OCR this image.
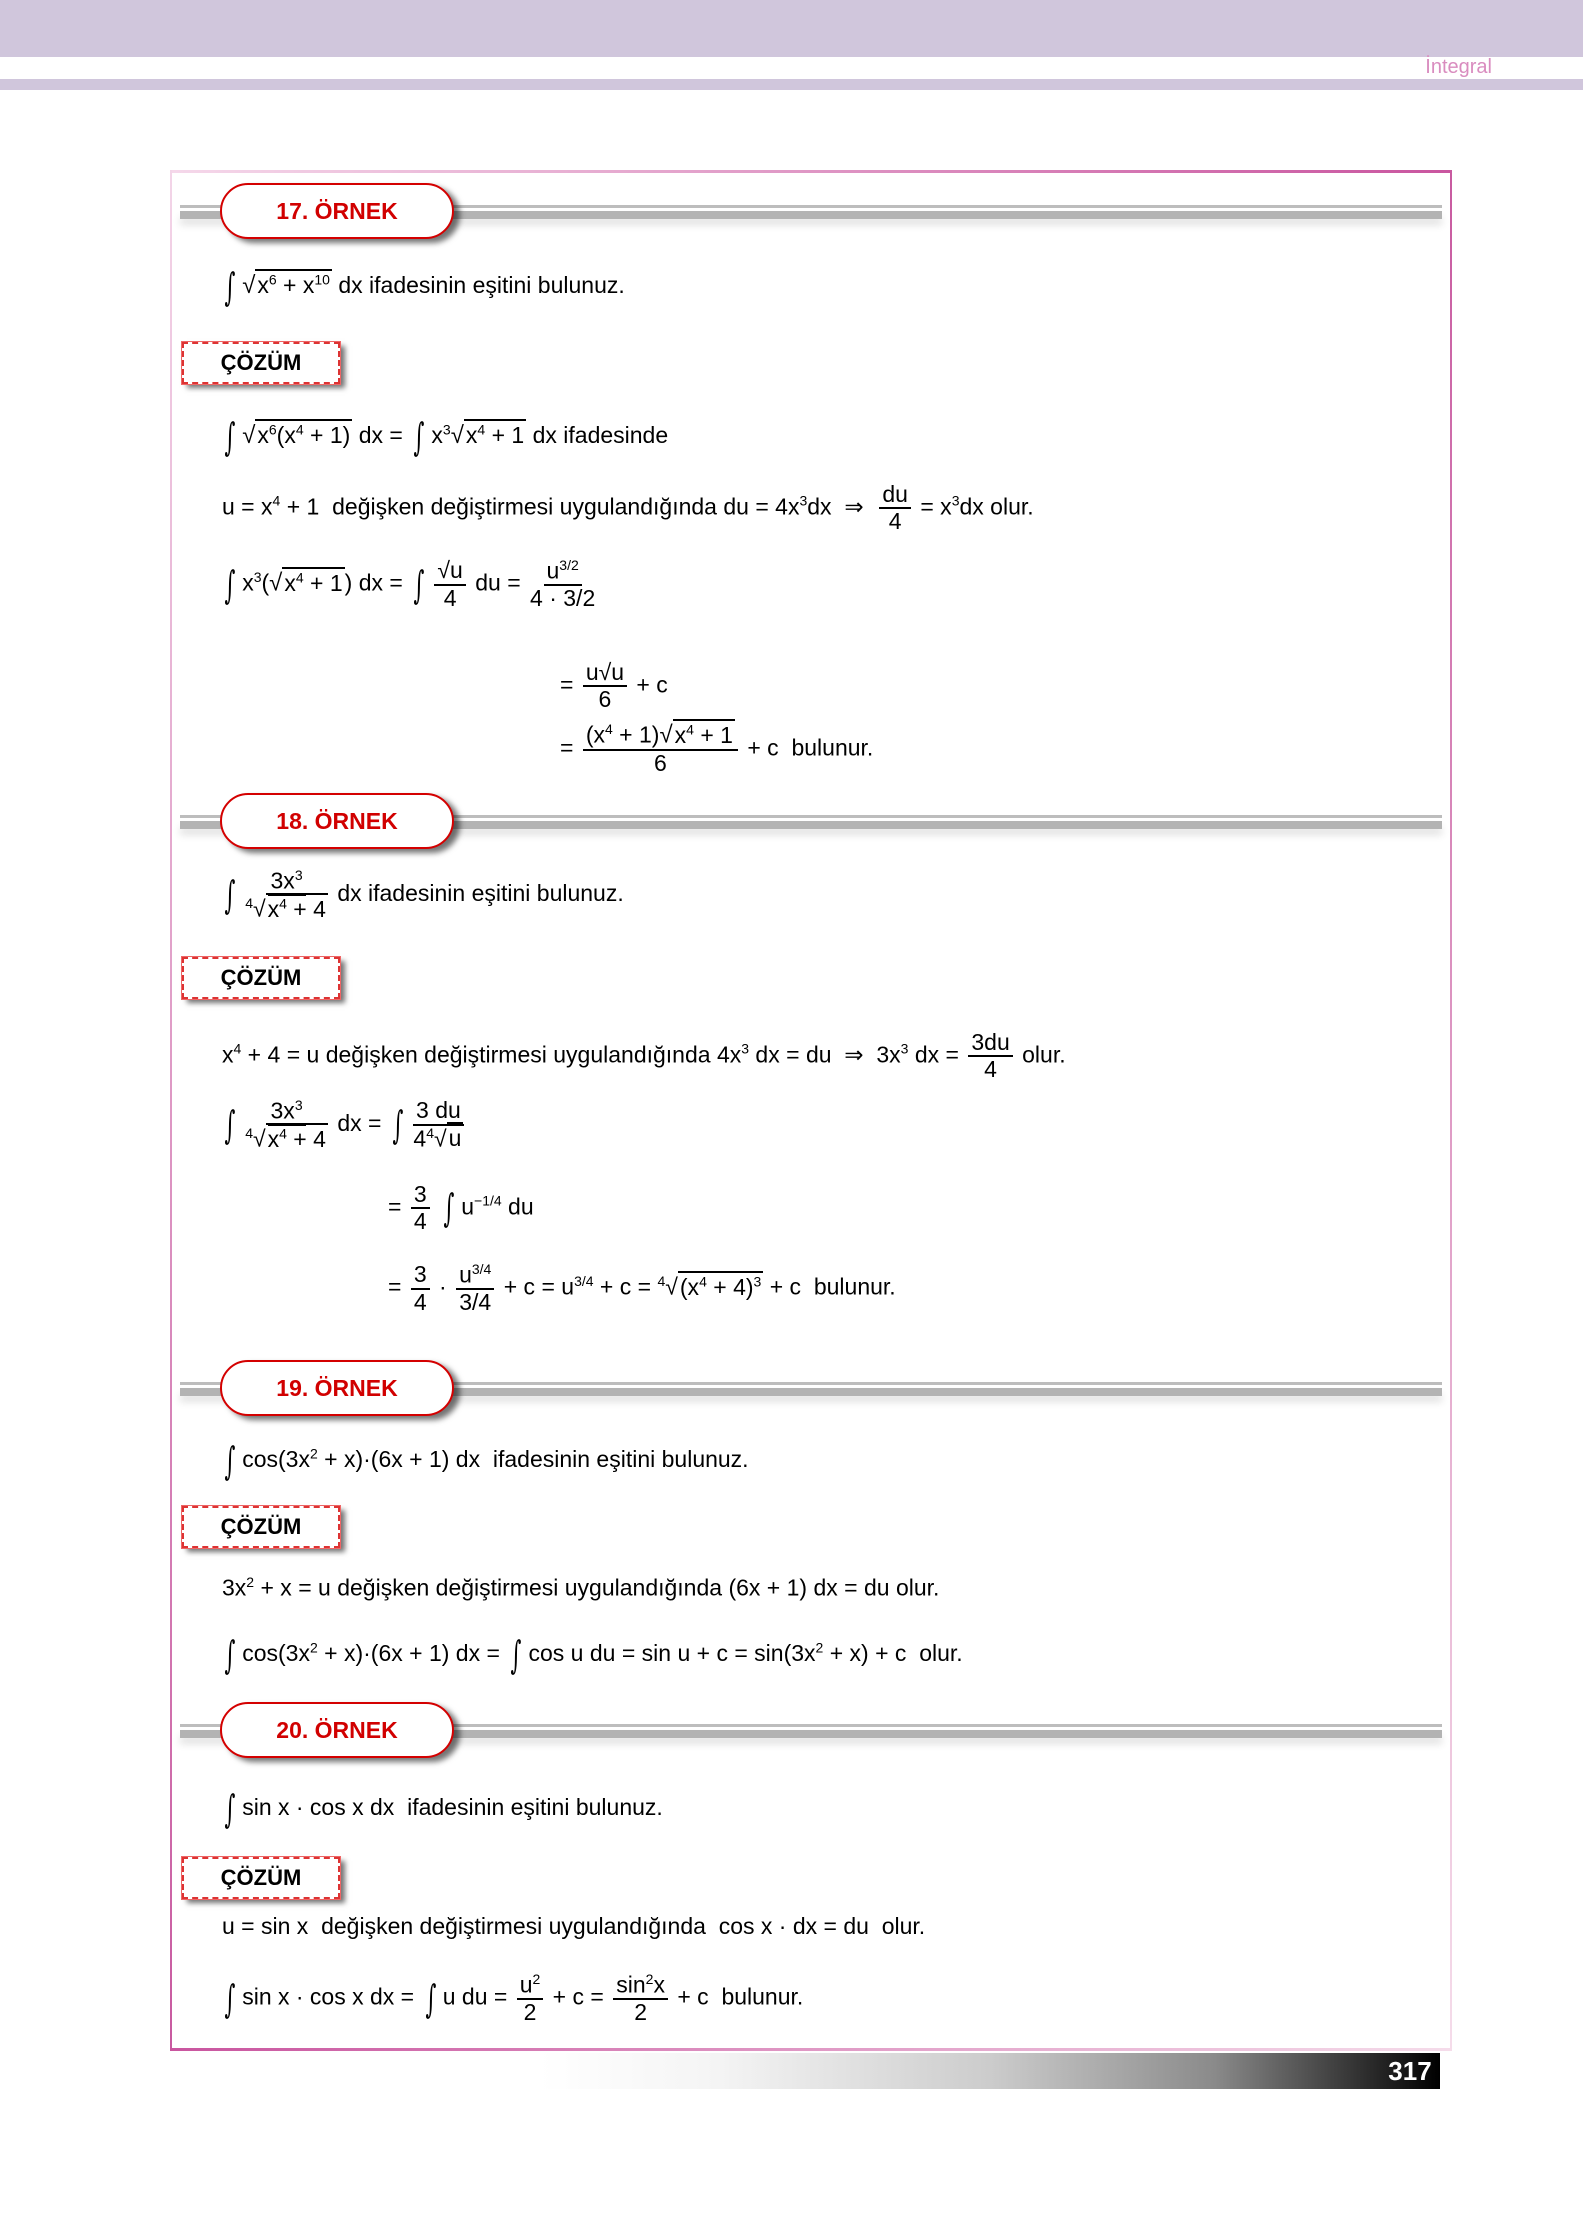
İntegral
17. ÖRNEK
∫ $√x^6 + x^{10}$ dx ifadesinin eşitini bulunuz.
ÇÖZÜM
∫ $√x^6(x^4 + 1)$ dx = ∫ $x^3√x^4 + 1$ dx ifadesinde
$u = x^4 + 1$  değişken değiştirmesi uygulandığında du = $4x^3dx$  ⇒ $\frac{du}{4} = x^3dx$ olur.
∫ $x^3(√x^4 + 1)$ dx = ∫ $\frac{√u}{4}$ du = $\frac{u^{3/2}}{4 \cdot 3/2}$
= $\frac{u√u}{6} + c$
= $\frac{(x^4 + 1)√x^4 + 1}{6} + c$  bulunur.
18. ÖRNEK
∫ $\frac{3x^3}{^4√x^4 + 4}$ dx ifadesinin eşitini bulunuz.
ÇÖZÜM
$x^4 + 4 = u$ değişken değiştirmesi uygulandığında $4x^3$ dx = du  ⇒  $3x^3$ dx = $\frac{3du}{4}$ olur.
∫ $\frac{3x^3}{^4√x^4 + 4}$ dx = ∫ $\frac{3 du}{4^4√u}$
= $\frac{3}{4}$ ∫ $u^{-1/4}$ du
= $\frac{3}{4} \cdot \frac{u^{3/4}}{3/4} + c = u^{3/4} + c = ^4√(x^4 + 4)^3 + c$  bulunur.
19. ÖRNEK
∫ $\cos(3x^2 + x)\cdot(6x + 1)$ dx  ifadesinin eşitini bulunuz.
ÇÖZÜM
$3x^2 + x = u$ değişken değiştirmesi uygulandığında (6x + 1) dx = du olur.
∫ $\cos(3x^2 + x)\cdot(6x + 1)$ dx = ∫ cos u du = $\sin u + c = \sin(3x^2 + x) + c$  olur.
20. ÖRNEK
∫ sin x · cos x dx  ifadesinin eşitini bulunuz.
ÇÖZÜM
u = sin x  değişken değiştirmesi uygulandığında  cos x · dx = du  olur.
∫ sin x · cos x dx = ∫ u du = $\frac{u^2}{2} + c = \frac{\sin^2x}{2} + c$  bulunur.
317
